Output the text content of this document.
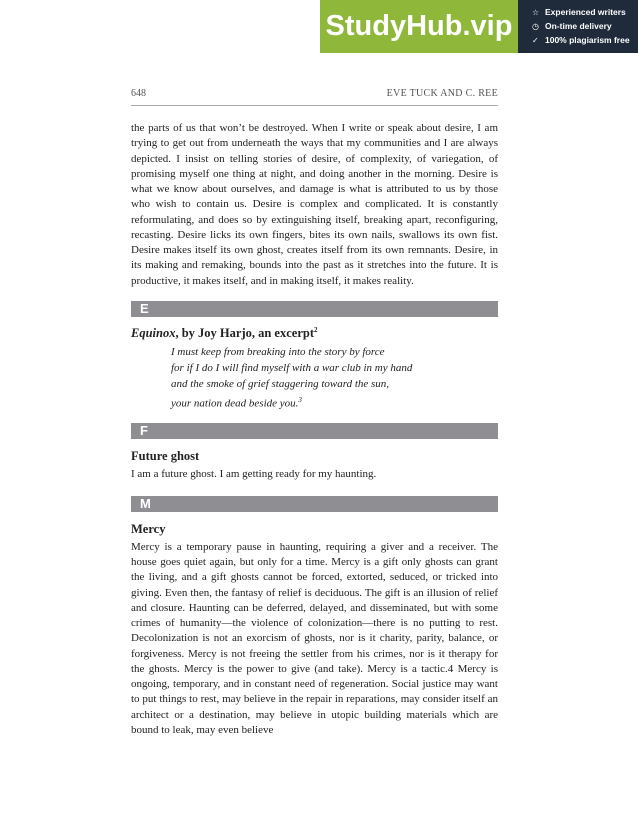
StudyHub.vip	☆ Experienced writers
◷ On-time delivery
✓ 100% plagiarism free
648	EVE TUCK AND C. REE

the parts of us that won’t be destroyed. When I write or speak about desire, I am trying to get out from underneath the ways that my communities and I are always depicted. I insist on telling stories of desire, of complexity, of variegation, of promising myself one thing at night, and doing another in the morning. Desire is what we know about ourselves, and damage is what is attributed to us by those who wish to contain us. Desire is complex and complicated. It is constantly reformulating, and does so by extinguishing itself, breaking apart, reconfiguring, recasting. Desire licks its own fingers, bites its own nails, swallows its own fist. Desire makes itself its own ghost, creates itself from its own remnants. Desire, in its making and remaking, bounds into the past as it stretches into the future. It is productive, it makes itself, and in making itself, it makes reality.

E

Equinox, by Joy Harjo, an excerpt$^2$

I must keep from breaking into the story by force

for if I do I will find myself with a war club in my hand

and the smoke of grief staggering toward the sun,

your nation dead beside you.$^3$

F

Future ghost

I am a future ghost. I am getting ready for my haunting.

M

Mercy

Mercy is a temporary pause in haunting, requiring a giver and a receiver. The house goes quiet again, but only for a time. Mercy is a gift only ghosts can grant the living, and a gift ghosts cannot be forced, extorted, seduced, or tricked into giving. Even then, the fantasy of relief is deciduous. The gift is an illusion of relief and closure. Haunting can be deferred, delayed, and disseminated, but with some crimes of humanity—the violence of colonization—there is no putting to rest. Decolonization is not an exorcism of ghosts, nor is it charity, parity, balance, or forgiveness. Mercy is not freeing the settler from his crimes, nor is it therapy for the ghosts. Mercy is the power to give (and take). Mercy is a tactic.4 Mercy is ongoing, temporary, and in constant need of regeneration. Social justice may want to put things to rest, may believe in the repair in reparations, may consider itself an architect or a destination, may believe in utopic building materials which are bound to leak, may even believe
